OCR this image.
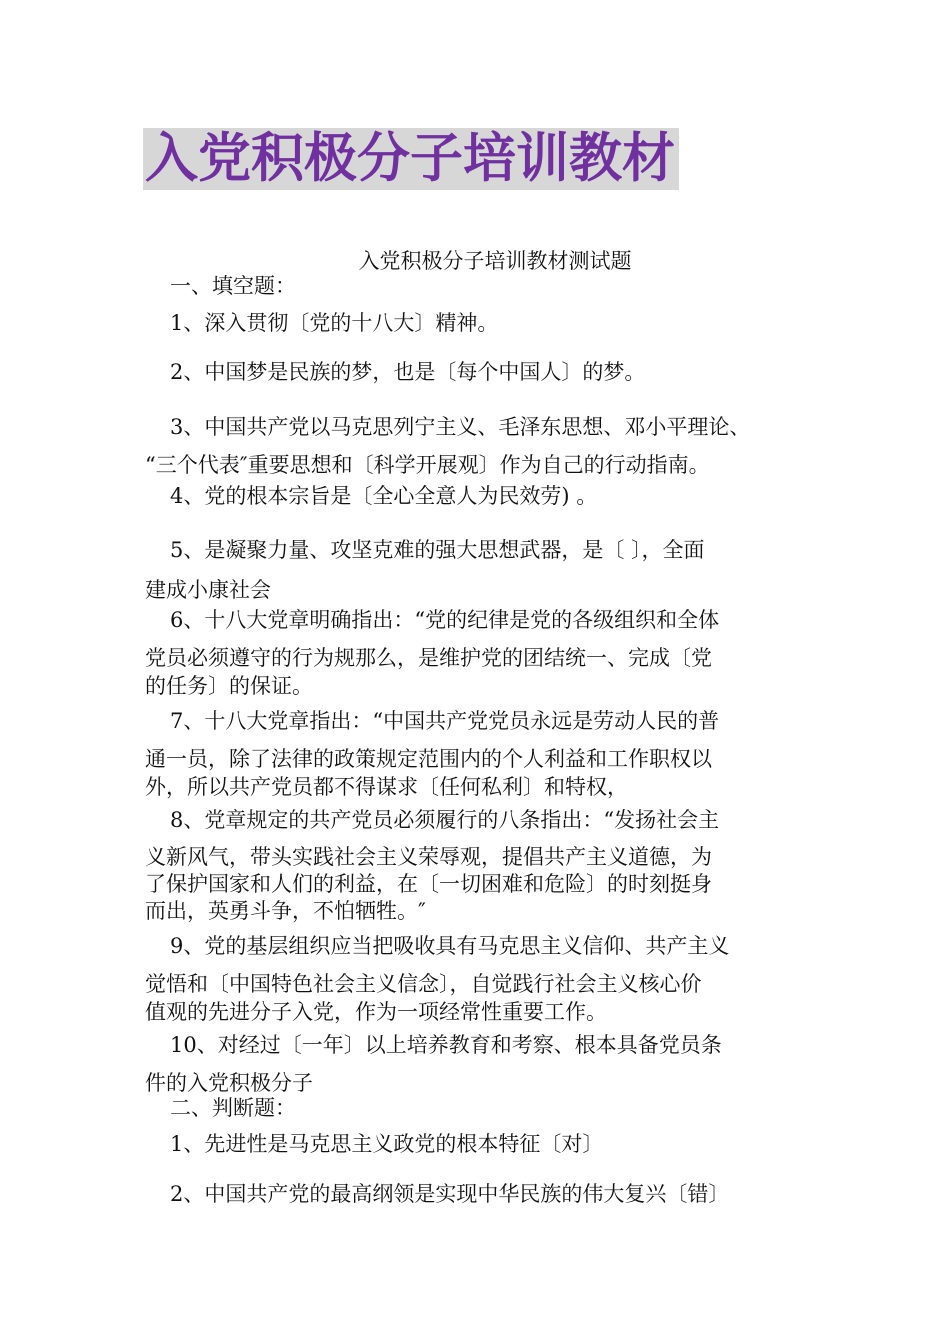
入党积极分子培训教材
入党积极分子培训教材测试题
一、填空题：
1、深入贯彻〔党的十八大〕精神。
2、中国梦是民族的梦，也是〔每个中国人〕的梦。
3、中国共产党以马克思列宁主义、毛泽东思想、邓小平理论、
“三个代表″重要思想和〔科学开展观〕作为自己的行动指南。
4、党的根本宗旨是〔全心全意人为民效劳) 。
5、是凝聚力量、攻坚克难的强大思想武器，是〔 〕，全面
建成小康社会
6、十八大党章明确指出：“党的纪律是党的各级组织和全体
党员必须遵守的行为规那么，是维护党的团结统一、完成〔党
的任务〕的保证。
7、十八大党章指出：“中国共产党党员永远是劳动人民的普
通一员，除了法律的政策规定范围内的个人利益和工作职权以
外，所以共产党员都不得谋求〔任何私利〕和特权，
8、党章规定的共产党员必须履行的八条指出：“发扬社会主
义新风气，带头实践社会主义荣辱观，提倡共产主义道德，为
了保护国家和人们的利益，在〔一切困难和危险〕的时刻挺身
而出，英勇斗争，不怕牺牲。″
9、党的基层组织应当把吸收具有马克思主义信仰、共产主义
觉悟和〔中国特色社会主义信念〕，自觉践行社会主义核心价
值观的先进分子入党，作为一项经常性重要工作。
10、对经过〔一年〕以上培养教育和考察、根本具备党员条
件的入党积极分子
二、判断题：
1、先进性是马克思主义政党的根本特征〔对〕
2、中国共产党的最高纲领是实现中华民族的伟大复兴〔错〕
